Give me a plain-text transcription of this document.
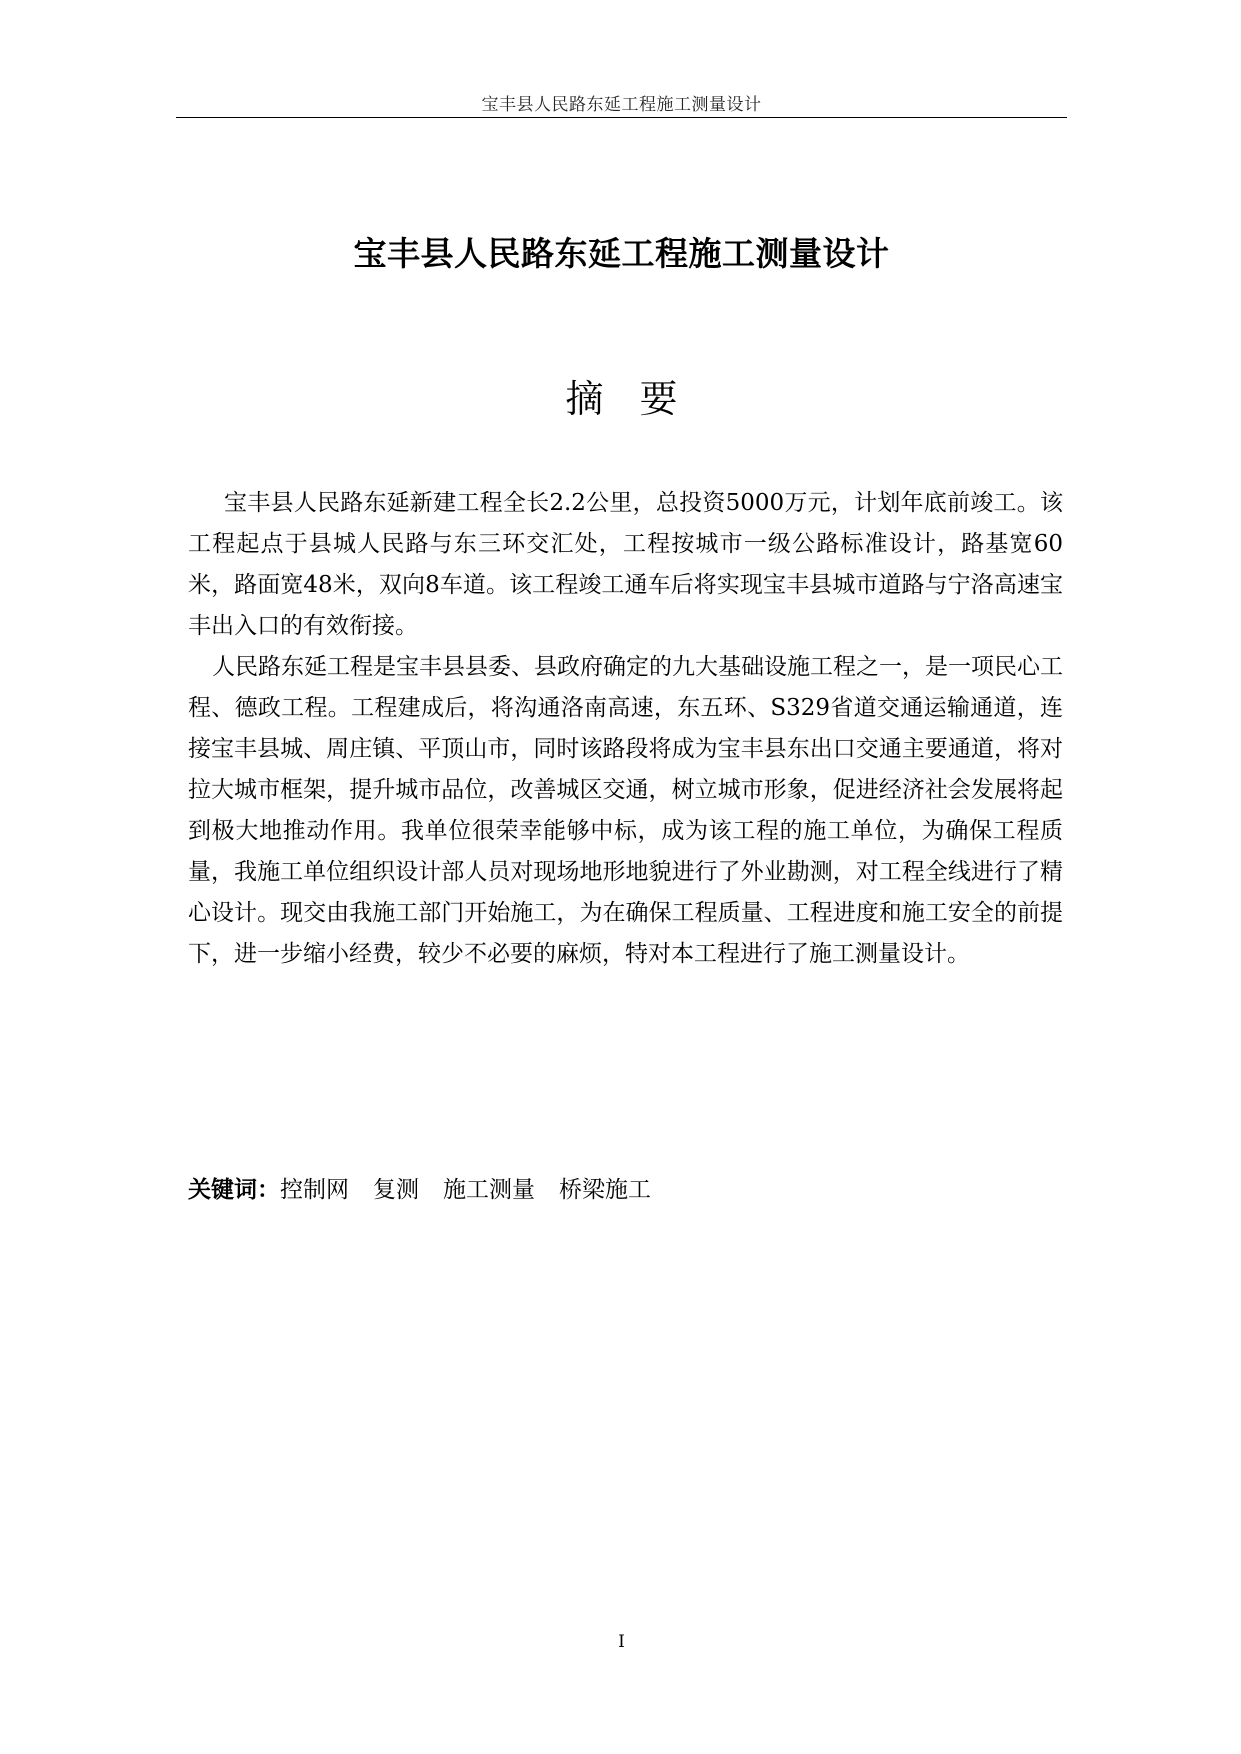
宝丰县人民路东延工程施工测量设计
宝丰县人民路东延工程施工测量设计
摘要

宝丰县人民路东延新建工程全长2.2公里，总投资5000万元，计划年底前竣工。该工程起点于县城人民路与东三环交汇处，工程按城市一级公路标准设计，路基宽60米，路面宽48米，双向8车道。该工程竣工通车后将实现宝丰县城市道路与宁洛高速宝丰出入口的有效衔接。

人民路东延工程是宝丰县县委、县政府确定的九大基础设施工程之一，是一项民心工程、德政工程。工程建成后，将沟通洛南高速，东五环、S329省道交通运输通道，连接宝丰县城、周庄镇、平顶山市，同时该路段将成为宝丰县东出口交通主要通道，将对拉大城市框架，提升城市品位，改善城区交通，树立城市形象，促进经济社会发展将起到极大地推动作用。我单位很荣幸能够中标，成为该工程的施工单位，为确保工程质量，我施工单位组织设计部人员对现场地形地貌进行了外业勘测，对工程全线进行了精心设计。现交由我施工部门开始施工，为在确保工程质量、工程进度和施工安全的前提下，进一步缩小经费，较少不必要的麻烦，特对本工程进行了施工测量设计。

关键词：控制网 复测 施工测量 桥梁施工
I
